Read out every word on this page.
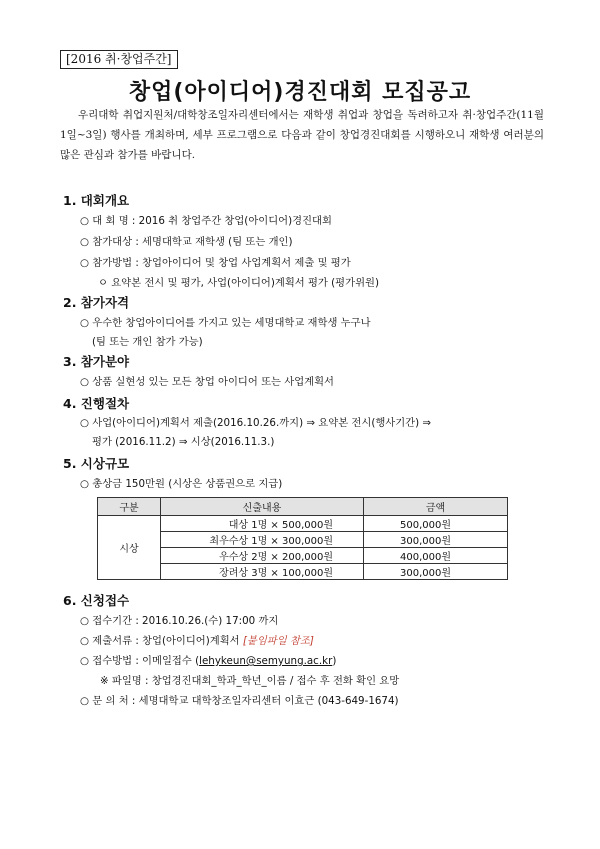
[2016 취·창업주간]
창업(아이디어)경진대회 모집공고
우리대학 취업지원처/대학창조일자리센터에서는 재학생 취업과 창업을 독려하고자 취·창업주간(11월1일~3일) 행사를 개최하며, 세부 프로그램으로 다음과 같이 창업경진대회를 시행하오니 재학생 여러분의 많은 관심과 참가를 바랍니다.
1. 대회개요
○ 대 회 명 : 2016 취 창업주간 창업(아이디어)경진대회
○ 참가대상 : 세명대학교 재학생 (팀 또는 개인)
○ 참가방법 : 창업아이디어 및 창업 사업계획서 제출 및 평가
ㅇ 요약본 전시 및 평가, 사업(아이디어)계획서 평가 (평가위원)
2. 참가자격
○ 우수한 창업아이디어를 가지고 있는 세명대학교 재학생 누구나
(팀 또는 개인 참가 가능)
3. 참가분야
○ 상품 실현성 있는 모든 창업 아이디어 또는 사업계획서
4. 진행절차
○ 사업(아이디어)계획서 제출(2016.10.26.까지) ⇒ 요약본 전시(행사기간) ⇒
평가 (2016.11.2) ⇒ 시상(2016.11.3.)
5. 시상규모
○ 총상금 150만원 (시상은 상품권으로 지급)
구분	신출내용	금액
시상	대상 1명 × 500,000원	500,000원
	최우수상 1명 × 300,000원	300,000원
	우수상 2명 × 200,000원	400,000원
	장려상 3명 × 100,000원	300,000원
6. 신청접수
○ 접수기간 : 2016.10.26.(수) 17:00 까지
○ 제출서류 : 창업(아이디어)계획서 [붙임파일 참조]
○ 접수방법 : 이메일접수 (lehykeun@semyung.ac.kr)
※ 파일명 : 창업경진대회_학과_학년_이름 / 접수 후 전화 확인 요망
○ 문 의 처 : 세명대학교 대학창조일자리센터 이효근 (043-649-1674)
